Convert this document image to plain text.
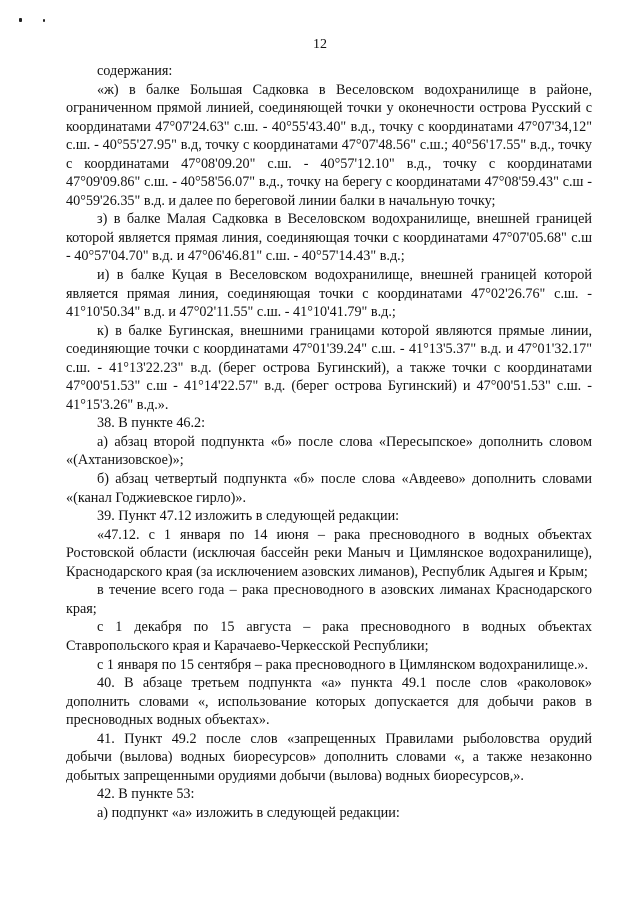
12

содержания:

«ж) в балке Большая Садковка в Веселовском водохранилище в районе, ограниченном прямой линией, соединяющей точки у оконечности острова Русский с координатами 47°07'24.63" с.ш. - 40°55'43.40" в.д., точку с координатами 47°07'34,12" с.ш. - 40°55'27.95" в.д, точку с координатами 47°07'48.56" с.ш.; 40°56'17.55" в.д., точку с координатами 47°08'09.20" с.ш. - 40°57'12.10" в.д., точку с координатами 47°09'09.86" с.ш. - 40°58'56.07" в.д., точку на берегу с координатами 47°08'59.43" с.ш - 40°59'26.35" в.д. и далее по береговой линии балки в начальную точку;

з) в балке Малая Садковка в Веселовском водохранилище, внешней границей которой является прямая линия, соединяющая точки с координатами 47°07'05.68" с.ш - 40°57'04.70" в.д. и 47°06'46.81" с.ш. - 40°57'14.43" в.д.;

и) в балке Куцая в Веселовском водохранилище, внешней границей которой является прямая линия, соединяющая точки с координатами 47°02'26.76" с.ш. - 41°10'50.34" в.д. и 47°02'11.55" с.ш. - 41°10'41.79" в.д.;

к) в балке Бугинская, внешними границами которой являются прямые линии, соединяющие точки с координатами 47°01'39.24" с.ш. - 41°13'5.37" в.д. и 47°01'32.17" с.ш. - 41°13'22.23" в.д. (берег острова Бугинский), а также точки с координатами 47°00'51.53" с.ш - 41°14'22.57" в.д. (берег острова Бугинский) и 47°00'51.53" с.ш. - 41°15'3.26" в.д.».

38. В пункте 46.2:

а) абзац второй подпункта «б» после слова «Пересыпское» дополнить словом «(Ахтанизовское)»;

б) абзац четвертый подпункта «б» после слова «Авдеево» дополнить словами «(канал Годжиевское гирло)».

39. Пункт 47.12 изложить в следующей редакции:

«47.12. с 1 января по 14 июня – рака пресноводного в водных объектах Ростовской области (исключая бассейн реки Маныч и Цимлянское водохранилище), Краснодарского края (за исключением азовских лиманов), Республик Адыгея и Крым;

в течение всего года – рака пресноводного в азовских лиманах Краснодарского края;

с 1 декабря по 15 августа – рака пресноводного в водных объектах Ставропольского края и Карачаево-Черкесской Республики;

с 1 января по 15 сентября – рака пресноводного в Цимлянском водохранилище.».

40. В абзаце третьем подпункта «а» пункта 49.1 после слов «раколовок» дополнить словами «, использование которых допускается для добычи раков в пресноводных водных объектах».

41. Пункт 49.2 после слов «запрещенных Правилами рыболовства орудий добычи (вылова) водных биоресурсов» дополнить словами «, а также незаконно добытых запрещенными орудиями добычи (вылова) водных биоресурсов,».

42. В пункте 53:

а) подпункт «а» изложить в следующей редакции:
